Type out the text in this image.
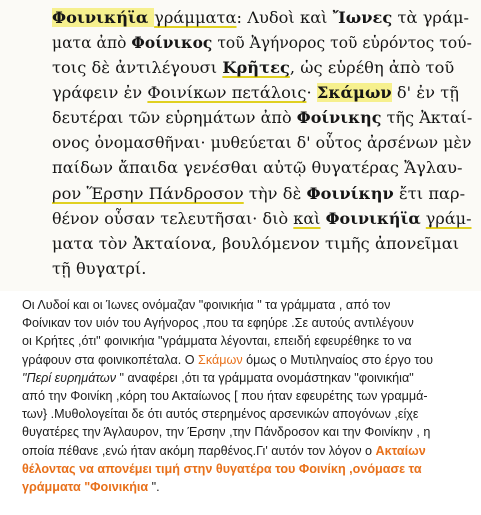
Φοινικήϊα γράμματα: Λυδοὶ καὶ Ἴωνες τὰ γράμ-
ματα ἀπὸ Φοίνικος τοῦ Ἀγήνορος τοῦ εὑρόντος τού-
τοις δὲ ἀντιλέγουσι Κρῆτες, ὡς εὑρέθη ἀπὸ τοῦ
γράφειν ἐν Φοινίκων πετάλοις· Σκάμων δ' ἐν τῇ
δευτέραι τῶν εὑρημάτων ἀπὸ Φοίνικης τῆς Ἀκταί-
ονος ὀνομασθῆναι· μυθεύεται δ' οὗτος ἀρσένων μὲν
παίδων ἄπαιδα γενέσθαι αὐτῷ θυγατέρας Ἄγλαυ-
ρον Ἕρσην Πάνδροσον τὴν δὲ Φοινίκην ἔτι παρ-
θένον οὖσαν τελευτῆσαι· διὸ καὶ Φοινικήϊα γράμ-
ματα τὸν Ἀκταίονα, βουλόμενον τιμῆς ἀπονεῖμαι
τῇ θυγατρί.
Οι Λυδοί και οι Ίωνες ονόμαζαν "φοινικήια " τα γράμματα , από τον
Φοίνικαν τον υιόν του Αγήνορος ,που τα εφηύρε .Σε αυτούς αντιλέγουν
οι Κρήτες ,ότι" φοινικήια "γράμματα λέγονται, επειδή εφευρέθηκε το να
γράφουν στα φοινικοπέταλα. Ο Σκάμων όμως ο Μυτιληναίος στο έργο του
"Περί ευρημάτων " αναφέρει ,ότι τα γράμματα ονομάστηκαν "φοινικήια"
από την Φοινίκη ,κόρη του Ακταίωνος [ που ήταν εφευρέτης των γραμμά-
των} .Μυθολογείται δε ότι αυτός στερημένος αρσενικών απογόνων ,είχε
θυγατέρες την Άγλαυρον, την Έρσην ,την Πάνδροσον και την Φοινίκην , η
οποία πέθανε ,ενώ ήταν ακόμη παρθένος.Γι' αυτόν τον λόγον ο Ακταίων
θέλοντας να απονέμει τιμή στην θυγατέρα του Φοινίκη ,ονόμασε τα
γράμματα "Φοινικήια ".
